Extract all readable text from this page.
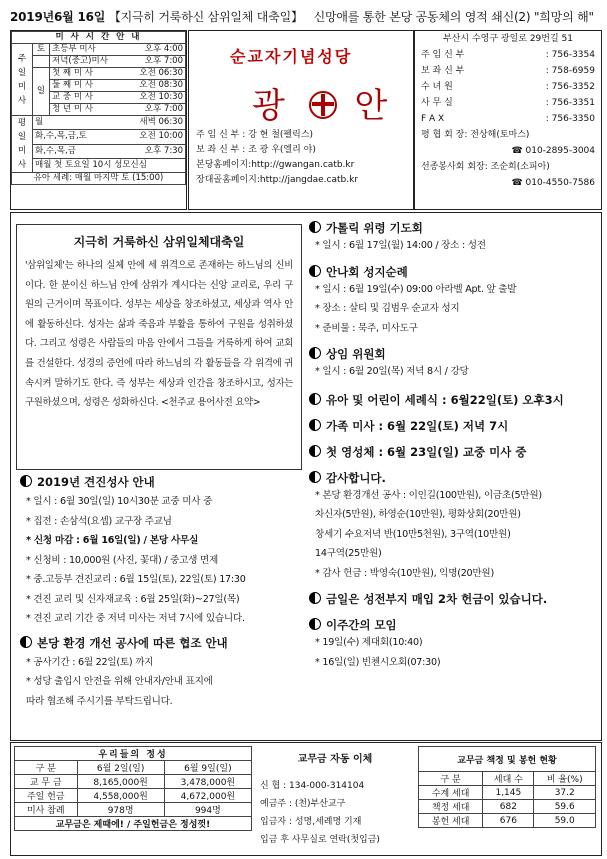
2019년6월 16일 【지극히 거룩하신 삼위일체 대축일】 신망애를 통한 본당 공동체의 영적 쇄신(2) "희망의 해"
미 사 시 간 안 내		
주일미사	토	초등부 미사 오후 4:00

		저녁(중고)미사 오후 7:00

	일	첫 째 미 사 오전 06:30

		둘 째 미 사 오전 08:30

		교 중 미 사 오전 10:30

		청 년 미 사 오후 7:00

평일미사	월 새벽 06:30	

	화,수,목,금,토 오전 10:00	

	화,수,목,금 오후 7:30	

	매월 첫 토요일 10시 성모신심	
유아 세례: 매월 마지막 토 (15:00)		
순교자기념성당
광 안
주 임 신 부 : 강 현 철(펠릭스)
보 좌 신 부 : 조 광 우(엘리 야)
본당홈페이지:http://gwangan.catb.kr
장대골홈페이지:http://jangdae.catb.kr
부산시 수영구 광일로 29번길 51
주 임 신 부	: 756-3354
보 좌 신 부	: 758-6959
수 녀 원	: 756-3352
사 무 실	: 756-3351
F A X	: 756-3350
평 협 회 장: 전상해(토마스)
☎ 010-2895-3004
선종봉사회 회장: 조순희(소피아)
☎ 010-4550-7586
지극히 거룩하신 삼위일체대축일

'삼위일체'는 하나의 실체 안에 세 위격으로 존재하는 하느님의 신비이다. 한 분이신 하느님 안에 삼위가 계시다는 신앙 교리로, 우리 구원의 근거이며 목표이다. 성부는 세상을 창조하셨고, 세상과 역사 안에 활동하신다. 성자는 삶과 죽음과 부활을 통하여 구원을 성취하셨다. 그리고 성령은 사람들의 마음 안에서 그들을 거룩하게 하여 교회를 건설한다. 성경의 증언에 따라 하느님의 각 활동들을 각 위격에 귀속시켜 말하기도 한다. 즉 성부는 세상과 인간을 창조하시고, 성자는 구원하셨으며, 성령은 성화하신다. <천주교 용어사전 요약>

2019년 견진성사 안내
* 일시 : 6월 30일(일) 10시30분 교중 미사 중
* 집전 : 손삼석(요셉) 교구장 주교님
* 신청 마감 : 6월 16일(일) / 본당 사무실
* 신청비 : 10,000원 (사진, 꽃대) / 중고생 면제
* 중.고등부 견진교리 : 6월 15일(토), 22일(토) 17:30
* 견진 교리 및 신자재교육 : 6월 25일(화)~27일(목)
* 견진 교리 기간 중 저녁 미사는 저녁 7시에 있습니다.
본당 환경 개선 공사에 따른 협조 안내
* 공사기간 : 6월 22일(토) 까지
* 성당 출입시 안전을 위해 안내자/안내 표지에
따라 협조해 주시기를 부탁드립니다.
가톨릭 위령 기도회
* 일시 : 6월 17일(월) 14:00 / 장소 : 성전
안나회 성지순례
* 일시 : 6월 19일(수) 09:00 아라벨 Apt. 앞 출발
* 장소 : 살티 및 김범우 순교자 성지
* 준비물 : 묵주, 미사도구
상임 위원회
* 일시 : 6월 20일(목) 저녁 8시 / 강당
유아 및 어린이 세례식 : 6월22일(토) 오후3시
가족 미사 : 6월 22일(토) 저녁 7시
첫 영성체 : 6월 23일(일) 교중 미사 중
감사합니다.
* 본당 환경개선 공사 : 이인길(100만원), 이금초(5만원)
차신자(5만원), 하영순(10만원), 평화상회(20만원)
창세기 수요저녁 반(10만5천원), 3구역(10만원)
14구역(25만원)
* 감사 헌금 : 박영숙(10만원), 익명(20만원)
금일은 성전부지 매입 2차 헌금이 있습니다.
이주간의 모임
* 19일(수) 제대회(10:40)
* 16일(일) 빈첸시오회(07:30)
우리들의 정성		
구 분	6월 2일(일)	6월 9일(일)
교 무 금	8,165,000원	3,478,000원
주일 헌금	4,558,000원	4,672,000원
미사 참례	978명	994명
교무금은 제때에! / 주일헌금은 정성껏!		
교무금 자동 이체
신 협 : 134-000-314104
예금주 : (천)부산교구
입금자 : 성명,세례명 기재
입금 후 사무실로 연락(첫입금)
교무금 책정 및 봉헌 현황		
구 분	세대 수	비 율(%)
수계 세대	1,145	37.2
책정 세대	682	59.6
봉헌 세대	676	59.0
